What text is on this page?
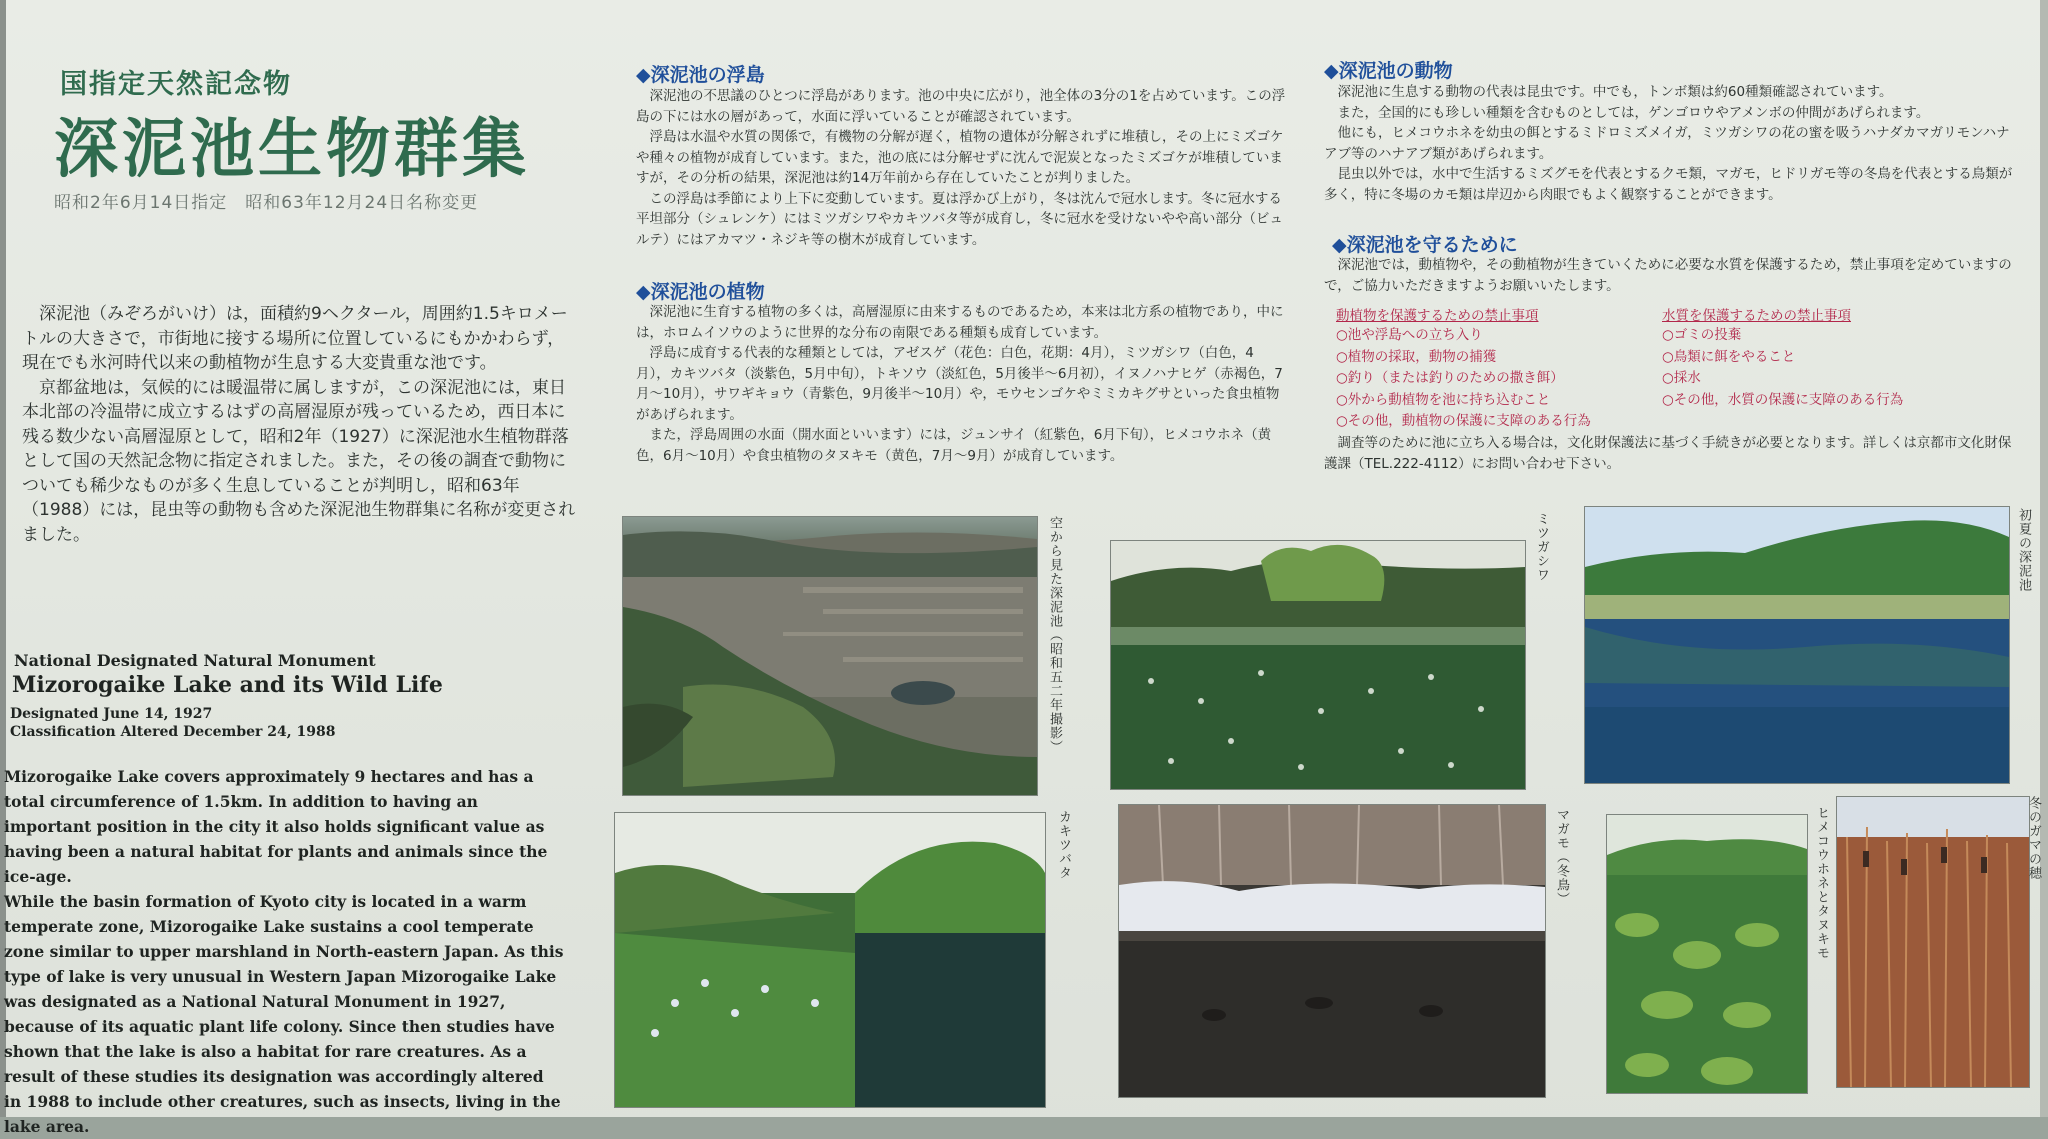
国指定天然記念物
深泥池生物群集
昭和2年6月14日指定　昭和63年12月24日名称変更
　深泥池（みぞろがいけ）は，面積約9ヘクタール，周囲約1.5キロメートルの大きさで，市街地に接する場所に位置しているにもかかわらず，現在でも氷河時代以来の動植物が生息する大変貴重な池です。
　京都盆地は，気候的には暖温帯に属しますが，この深泥池には，東日本北部の冷温帯に成立するはずの高層湿原が残っているため，西日本に残る数少ない高層湿原として，昭和2年（1927）に深泥池水生植物群落として国の天然記念物に指定されました。また，その後の調査で動物についても稀少なものが多く生息していることが判明し，昭和63年（1988）には，昆虫等の動物も含めた深泥池生物群集に名称が変更されました。
National Designated Natural Monument
Mizorogaike Lake and its Wild Life
Designated June 14, 1927
Classification Altered December 24, 1988
Mizorogaike Lake covers approximately 9 hectares and has a total circumference of 1.5km. In addition to having an important position in the city it also holds significant value as having been a natural habitat for plants and animals since the ice-age.
While the basin formation of Kyoto city is located in a warm temperate zone, Mizorogaike Lake sustains a cool temperate zone similar to upper marshland in North-eastern Japan. As this type of lake is very unusual in Western Japan Mizorogaike Lake was designated as a National Natural Monument in 1927, because of its aquatic plant life colony. Since then studies have shown that the lake is also a habitat for rare creatures. As a result of these studies its designation was accordingly altered in 1988 to include other creatures, such as insects, living in the lake area.
◆深泥池の浮島
　深泥池の不思議のひとつに浮島があります。池の中央に広がり，池全体の3分の1を占めています。この浮島の下には水の層があって，水面に浮いていることが確認されています。
　浮島は水温や水質の関係で，有機物の分解が遅く，植物の遺体が分解されずに堆積し，その上にミズゴケや種々の植物が成育しています。また，池の底には分解せずに沈んで泥炭となったミズゴケが堆積していますが，その分析の結果，深泥池は約14万年前から存在していたことが判りました。
　この浮島は季節により上下に変動しています。夏は浮かび上がり，冬は沈んで冠水します。冬に冠水する平坦部分（シュレンケ）にはミツガシワやカキツバタ等が成育し，冬に冠水を受けないやや高い部分（ビュルテ）にはアカマツ・ネジキ等の樹木が成育しています。
◆深泥池の植物
　深泥池に生育する植物の多くは，高層湿原に由来するものであるため，本来は北方系の植物であり，中には，ホロムイソウのように世界的な分布の南限である種類も成育しています。
　浮島に成育する代表的な種類としては，アゼスゲ（花色：白色，花期：4月），ミツガシワ（白色，4月），カキツバタ（淡紫色，5月中旬），トキソウ（淡紅色，5月後半～6月初），イヌノハナヒゲ（赤褐色，7月～10月），サワギキョウ（青紫色，9月後半～10月）や，モウセンゴケやミミカキグサといった食虫植物があげられます。
　また，浮島周囲の水面（開水面といいます）には，ジュンサイ（紅紫色，6月下旬），ヒメコウホネ（黄色，6月～10月）や食虫植物のタヌキモ（黄色，7月～9月）が成育しています。
◆深泥池の動物
　深泥池に生息する動物の代表は昆虫です。中でも，トンボ類は約60種類確認されています。
　また，全国的にも珍しい種類を含むものとしては，ゲンゴロウやアメンボの仲間があげられます。
　他にも，ヒメコウホネを幼虫の餌とするミドロミズメイガ，ミツガシワの花の蜜を吸うハナダカマガリモンハナアブ等のハナアブ類があげられます。
　昆虫以外では，水中で生活するミズグモを代表とするクモ類，マガモ，ヒドリガモ等の冬鳥を代表とする鳥類が多く，特に冬場のカモ類は岸辺から肉眼でもよく観察することができます。
◆深泥池を守るために
　深泥池では，動植物や，その動植物が生きていくために必要な水質を保護するため，禁止事項を定めていますので，ご協力いただきますようお願いいたします。
動植物を保護するための禁止事項
○池や浮島への立ち入り
○植物の採取，動物の捕獲
○釣り（または釣りのための撒き餌）
○外から動植物を池に持ち込むこと
○その他，動植物の保護に支障のある行為
水質を保護するための禁止事項
○ゴミの投棄
○鳥類に餌をやること
○採水
○その他，水質の保護に支障のある行為
　調査等のために池に立ち入る場合は，文化財保護法に基づく手続きが必要となります。詳しくは京都市文化財保護課（TEL.222-4112）にお問い合わせ下さい。
空から見た深泥池（昭和五二年撮影）	ミツガシワ	初夏の深泥池
カキツバタ	マガモ（冬鳥）	ヒメコウホネとタヌキモ	冬のガマの穂
